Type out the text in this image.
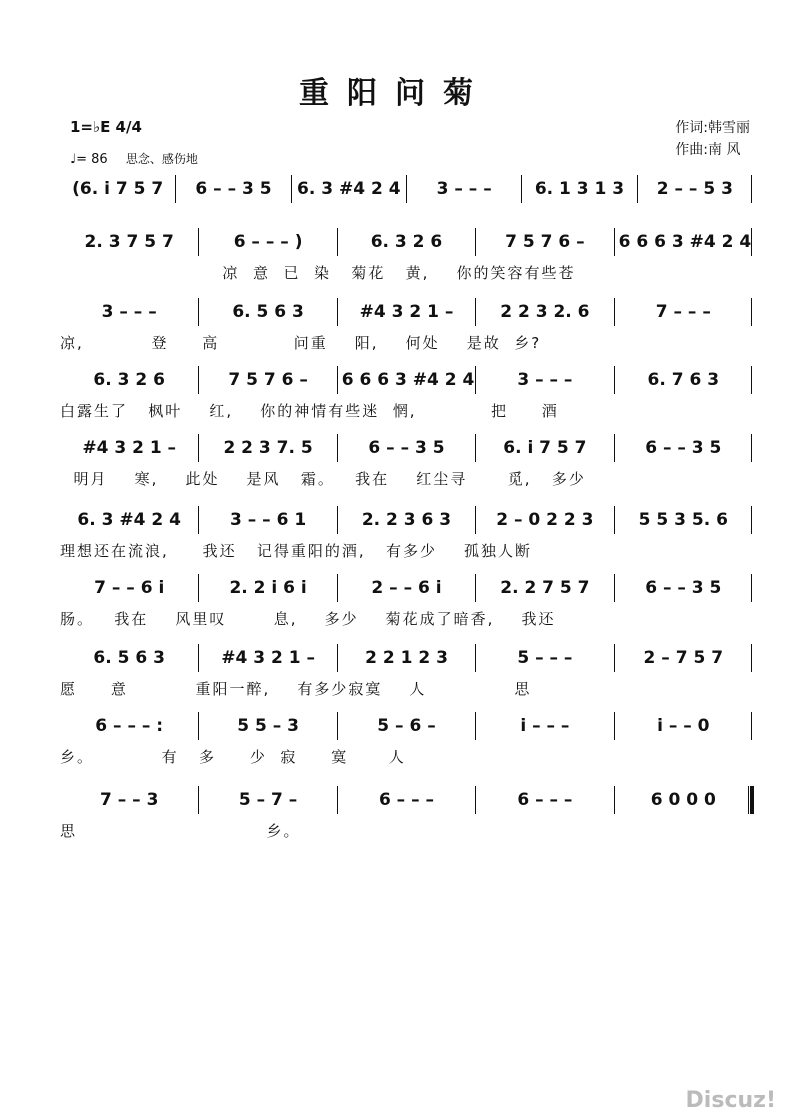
重阳问菊
1=♭E 4/4
♩= 86 思念、感伤地
作词:韩雪丽
作曲:南 风
(6. i 7 5 7	6 – – 3 5	6. 3 #4 2 4	3 – – –	6. 1 3 1 3	2 – – 5 3
2. 3 7 5 7	6 – – – )	6. 3 2 6	7 5 7 6 –	6 6 6 3 #4 2 4
凉  意  已  染   菊花   黄,    你的笑容有些苍
3 – – –	6. 5 6 3	#4 3 2 1 –	2 2 3 2. 6	7 – – –
凉,          登     高           问重    阳,    何处    是故  乡?
6. 3 2 6	7 5 7 6 –	6 6 6 3 #4 2 4	3 – – –	6. 7 6 3
白露生了   枫叶    红,    你的神情有些迷  惘,           把     酒
#4 3 2 1 –	2 2 3 7. 5	6 – – 3 5	6. i 7 5 7	6 – – 3 5
明月    寒,    此处    是风   霜。   我在    红尘寻      觅,   多少
6. 3 #4 2 4	3 – – 6 1	2. 2 3 6 3	2 – 0 2 2 3	5 5 3 5. 6
理想还在流浪,     我还   记得重阳的酒,   有多少    孤独人断
7 – – 6 i	2. 2 i 6 i	2 – – 6 i	2. 2 7 5 7	6 – – 3 5
肠。   我在    风里叹       息,    多少    菊花成了暗香,    我还
6. 5 6 3	#4 3 2 1 –	2 2 1 2 3	5 – – –	2 – 7 5 7
愿     意          重阳一醉,    有多少寂寞    人             思
6 – – – :	5 5 – 3	5 – 6 –	i – – –	i – – 0
乡。          有   多     少  寂     寞      人
7 – – 3	5 – 7 –	6 – – –	6 – – –	6 0 0 0
思                            乡。
Discuz!
